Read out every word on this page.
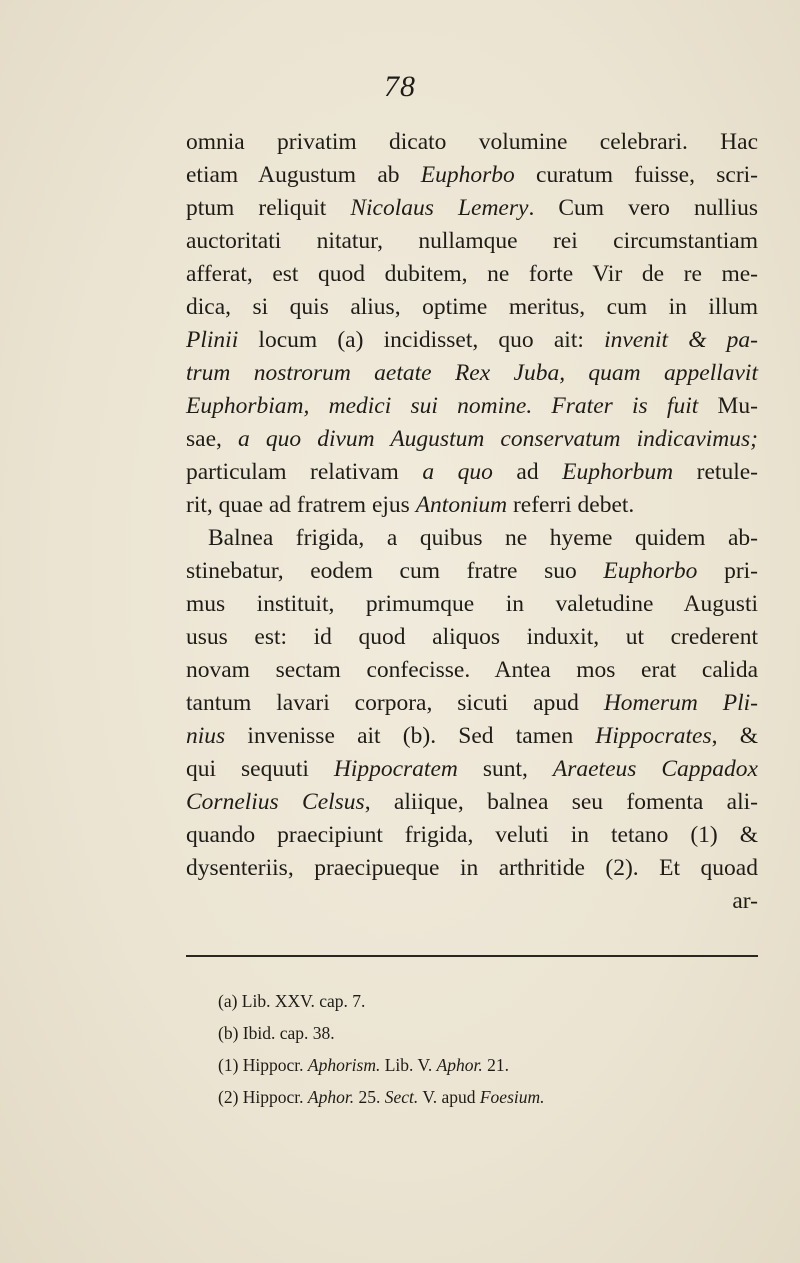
78
omnia privatim dicato volumine celebrari. Hac
etiam Augustum ab Euphorbo curatum fuisse, scri-
ptum reliquit Nicolaus Lemery. Cum vero nullius
auctoritati nitatur, nullamque rei circumstantiam
afferat, est quod dubitem, ne forte Vir de re me-
dica, si quis alius, optime meritus, cum in illum
Plinii locum (a) incidisset, quo ait: invenit & pa-
trum nostrorum aetate Rex Juba, quam appellavit
Euphorbiam, medici sui nomine. Frater is fuit Mu-
sae, a quo divum Augustum conservatum indicavimus;
particulam relativam a quo ad Euphorbum retule-
rit, quae ad fratrem ejus Antonium referri debet.
Balnea frigida, a quibus ne hyeme quidem ab-
stinebatur, eodem cum fratre suo Euphorbo pri-
mus instituit, primumque in valetudine Augusti
usus est: id quod aliquos induxit, ut crederent
novam sectam confecisse. Antea mos erat calida
tantum lavari corpora, sicuti apud Homerum Pli-
nius invenisse ait (b). Sed tamen Hippocrates, &
qui sequuti Hippocratem sunt, Araeteus Cappadox
Cornelius Celsus, aliique, balnea seu fomenta ali-
quando praecipiunt frigida, veluti in tetano (1) &
dysenteriis, praecipueque in arthritide (2). Et quoad
ar-
(a) Lib. XXV. cap. 7.
(b) Ibid. cap. 38.
(1) Hippocr. Aphorism. Lib. V. Aphor. 21.
(2) Hippocr. Aphor. 25. Sect. V. apud Foesium.
